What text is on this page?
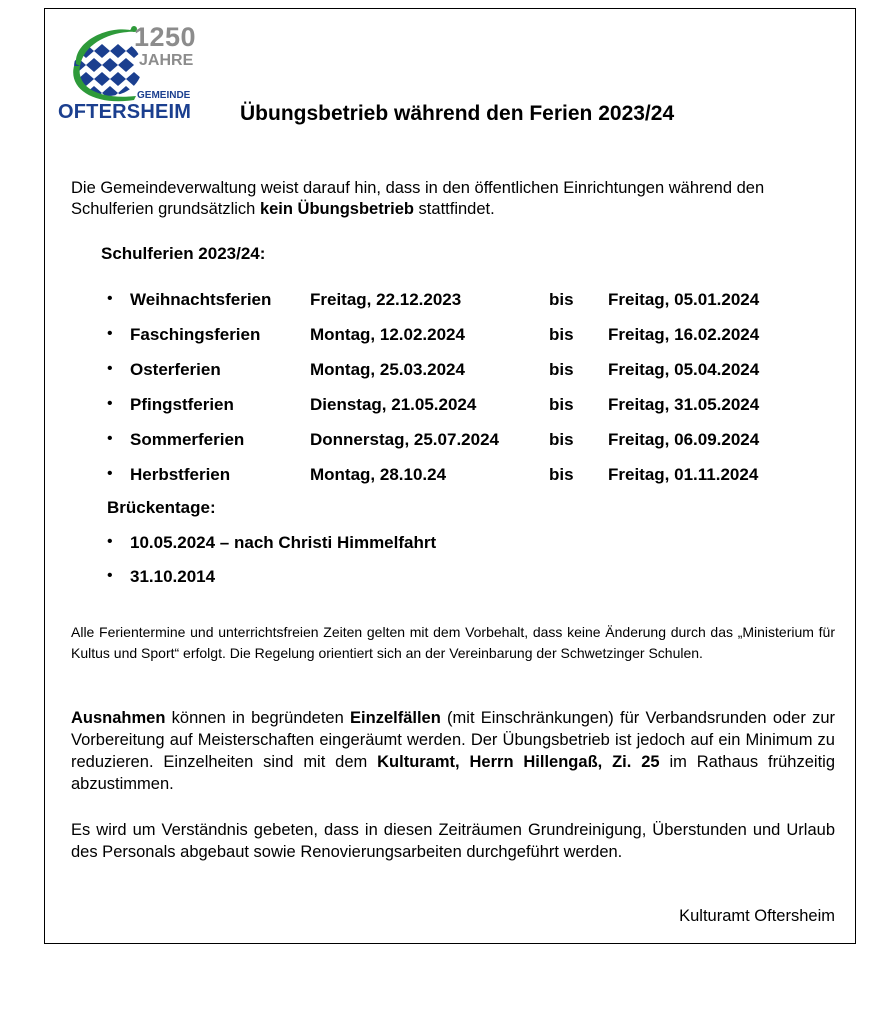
1250
JAHRE
GEMEINDE
OFTERSHEIM Übungsbetrieb während den Ferien 2023/24
Die Gemeindeverwaltung weist darauf hin, dass in den öffentlichen Einrichtungen während den Schulferien grundsätzlich kein Übungsbetrieb stattfindet.
Schulferien 2023/24:
• Weihnachtsferien Freitag, 22.12.2023	bis Freitag, 05.01.2024
• Faschingsferien	Montag, 12.02.2024	bis Freitag, 16.02.2024
• Osterferien	Montag, 25.03.2024	bis Freitag, 05.04.2024
• Pfingstferien	Dienstag, 21.05.2024	bis Freitag, 31.05.2024
• Sommerferien	Donnerstag, 25.07.2024	bis Freitag, 06.09.2024
• Herbstferien	Montag, 28.10.24	bis Freitag, 01.11.2024
Brückentage:
• 10.05.2024 – nach Christi Himmelfahrt
• 31.10.2014
Alle Ferientermine und unterrichtsfreien Zeiten gelten mit dem Vorbehalt, dass keine Änderung durch das „Ministerium für Kultus und Sport“ erfolgt. Die Regelung orientiert sich an der Vereinbarung der Schwetzinger Schulen.
Ausnahmen können in begründeten Einzelfällen (mit Einschränkungen) für Verbandsrunden oder zur Vorbereitung auf Meisterschaften eingeräumt werden. Der Übungsbetrieb ist jedoch auf ein Minimum zu reduzieren. Einzelheiten sind mit dem Kulturamt, Herrn Hillengaß, Zi. 25 im Rathaus frühzeitig abzustimmen.
Es wird um Verständnis gebeten, dass in diesen Zeiträumen Grundreinigung, Überstunden und Urlaub des Personals abgebaut sowie Renovierungsarbeiten durchgeführt werden.
Kulturamt Oftersheim
